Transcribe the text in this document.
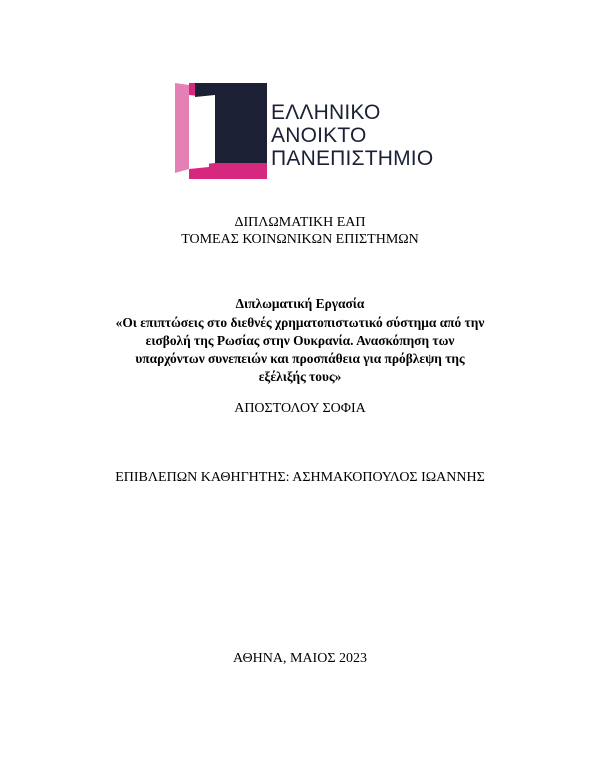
ΕΛΛΗΝΙΚΟ
ΑΝΟΙΚΤΟ
ΠΑΝΕΠΙΣΤΗΜΙΟ
ΔΙΠΛΩΜΑΤΙΚΗ ΕΑΠ
ΤΟΜΕΑΣ ΚΟΙΝΩΝΙΚΩΝ ΕΠΙΣΤΗΜΩΝ
Διπλωματική Εργασία
«Οι επιπτώσεις στο διεθνές χρηματοπιστωτικό σύστημα από την
εισβολή της Ρωσίας στην Ουκρανία. Ανασκόπηση των
υπαρχόντων συνεπειών και προσπάθεια για πρόβλεψη της
εξέλιξής τους»
ΑΠΟΣΤΟΛΟΥ ΣΟΦΙΑ
ΕΠΙΒΛΕΠΩΝ ΚΑΘΗΓΗΤΗΣ: ΑΣΗΜΑΚΟΠΟΥΛΟΣ ΙΩΑΝΝΗΣ
ΑΘΗΝΑ, ΜΑΙΟΣ 2023
